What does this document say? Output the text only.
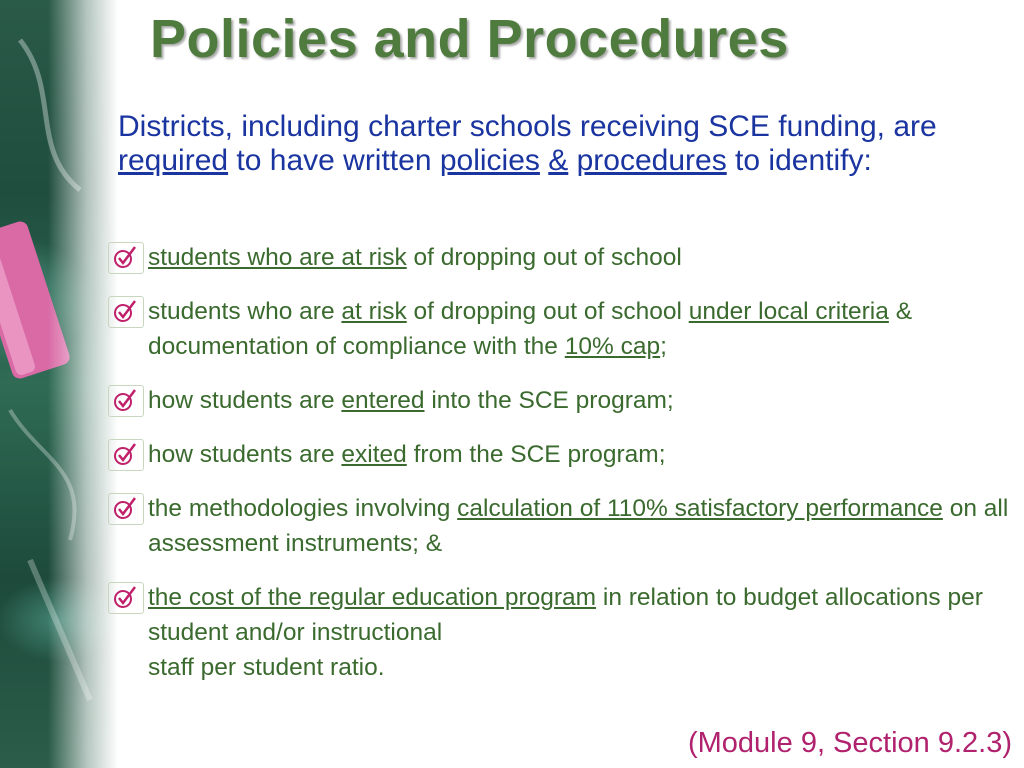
Policies and Procedures
Districts, including charter schools receiving SCE funding, are required to have written policies & procedures to identify:
students who are at risk of dropping out of school
students who are at risk of dropping out of school under local criteria & documentation of compliance with the 10% cap;
how students are entered into the SCE program;
how students are exited from the SCE program;
the methodologies involving calculation of 110% satisfactory performance on all assessment instruments; &
the cost of the regular education program in relation to budget allocations per student and/or instructional
staff per student ratio.
(Module 9, Section 9.2.3)
